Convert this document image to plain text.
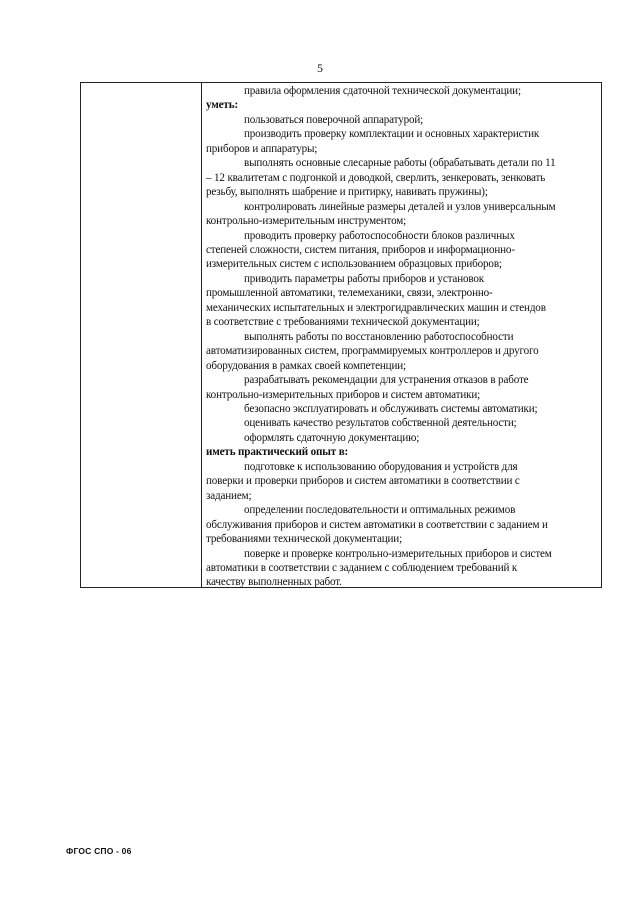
5
правила оформления сдаточной технической документации;
уметь:
пользоваться поверочной аппаратурой;
производить проверку комплектации и основных характеристик
приборов и аппаратуры;
выполнять основные слесарные работы (обрабатывать детали по 11
– 12 квалитетам с подгонкой и доводкой, сверлить, зенкеровать, зенковать
резьбу, выполнять шабрение и притирку, навивать пружины);
контролировать линейные размеры деталей и узлов универсальным
контрольно-измерительным инструментом;
проводить проверку работоспособности блоков различных
степеней сложности, систем питания, приборов и информационно-
измерительных систем с использованием образцовых приборов;
приводить параметры работы приборов и установок
промышленной автоматики, телемеханики, связи, электронно-
механических испытательных и электрогидравлических машин и стендов
в соответствие с требованиями технической документации;
выполнять работы по восстановлению работоспособности
автоматизированных систем, программируемых контроллеров и другого
оборудования в рамках своей компетенции;
разрабатывать рекомендации для устранения отказов в работе
контрольно-измерительных приборов и систем автоматики;
безопасно эксплуатировать и обслуживать системы автоматики;
оценивать качество результатов собственной деятельности;
оформлять сдаточную документацию;
иметь практический опыт в:
подготовке к использованию оборудования и устройств для
поверки и проверки приборов и систем автоматики в соответствии с
заданием;
определении последовательности и оптимальных режимов
обслуживания приборов и систем автоматики в соответствии с заданием и
требованиями технической документации;
поверке и проверке контрольно-измерительных приборов и систем
автоматики в соответствии с заданием с соблюдением требований к
качеству выполненных работ.
ФГОС СПО - 06
